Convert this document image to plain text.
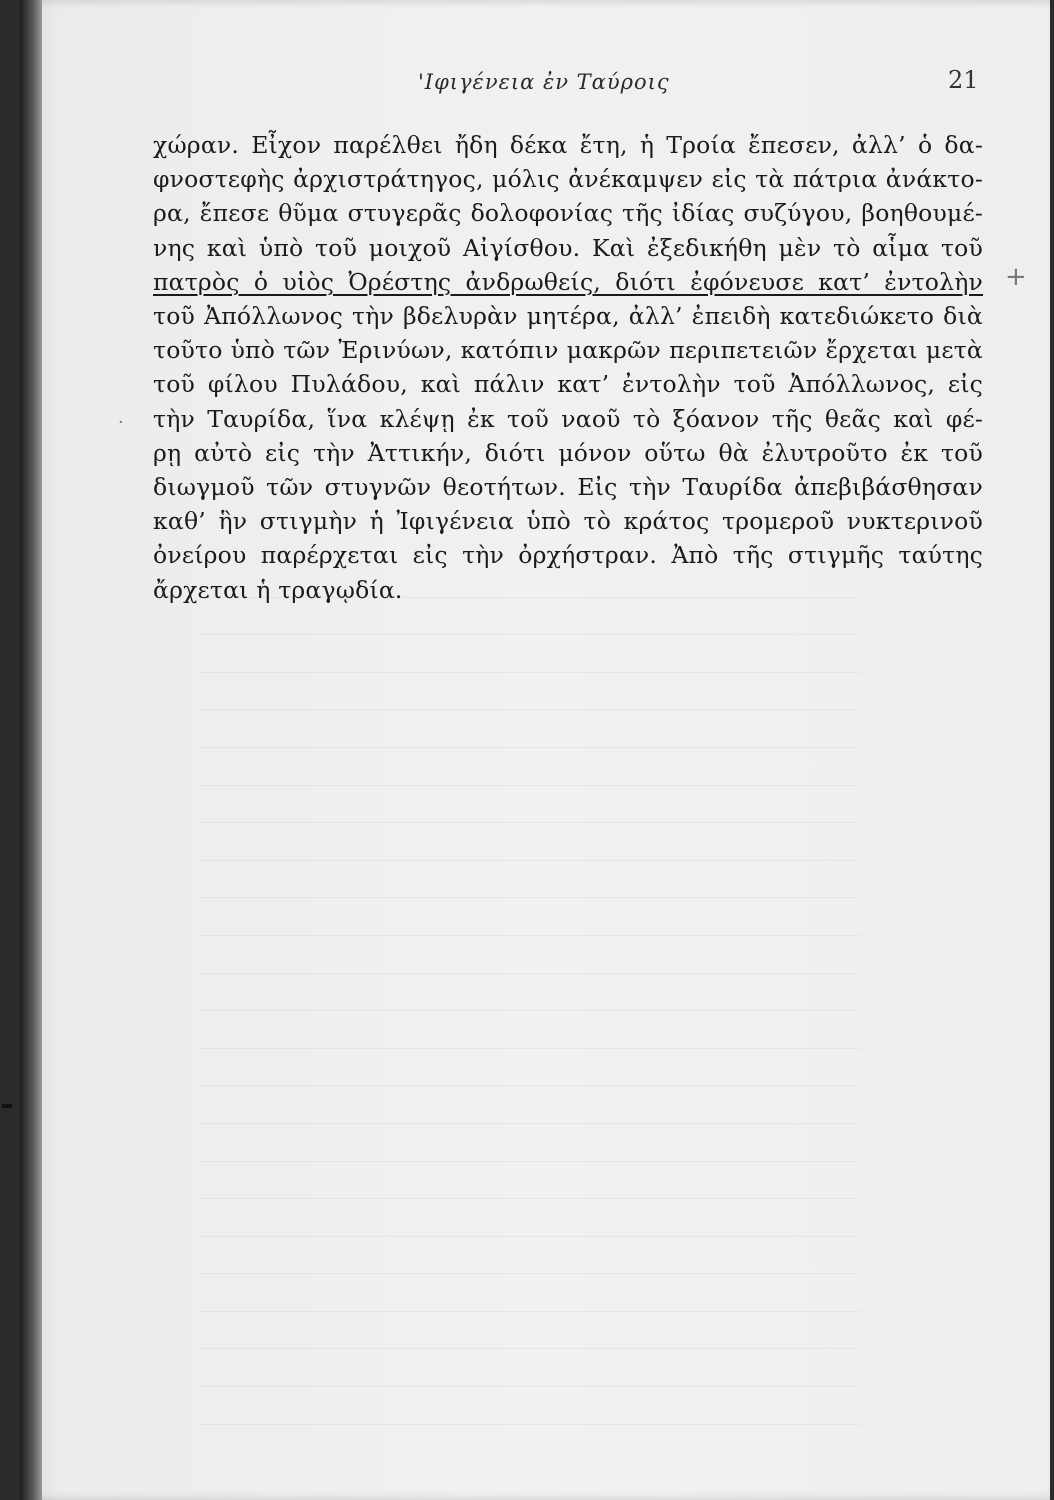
'Ιφιγένεια ἐν Ταύροις	21
χώραν. Εἶχον παρέλθει ἤδη δέκα ἔτη, ἡ Τροία ἔπεσεν, ἀλλ’ ὁ δα-
φνοστεφὴς ἀρχιστράτηγος, μόλις ἀνέκαμψεν εἰς τὰ πάτρια ἀνάκτο-
ρα, ἔπεσε θῦμα στυγερᾶς δολοφονίας τῆς ἰδίας συζύγου, βοηθουμέ-
νης καὶ ὑπὸ τοῦ μοιχοῦ Αἰγίσθου. Καὶ ἐξεδικήθη μὲν τὸ αἷμα τοῦ
πατρὸς ὁ υἱὸς Ὀρέστης ἀνδρωθείς, διότι ἐφόνευσε κατ’ ἐντολὴν
τοῦ Ἀπόλλωνος τὴν βδελυρὰν μητέρα, ἀλλ’ ἐπειδὴ κατεδιώκετο διὰ
τοῦτο ὑπὸ τῶν Ἐρινύων, κατόπιν μακρῶν περιπετειῶν ἔρχεται μετὰ
τοῦ φίλου Πυλάδου, καὶ πάλιν κατ’ ἐντολὴν τοῦ Ἀπόλλωνος, εἰς
τὴν Ταυρίδα, ἵνα κλέψῃ ἐκ τοῦ ναοῦ τὸ ξόανον τῆς θεᾶς καὶ φέ-
ρῃ αὐτὸ εἰς τὴν Ἀττικήν, διότι μόνον οὕτω θὰ ἐλυτροῦτο ἐκ τοῦ
διωγμοῦ τῶν στυγνῶν θεοτήτων. Εἰς τὴν Ταυρίδα ἀπεβιβάσθησαν
καθ’ ἣν στιγμὴν ἡ Ἰφιγένεια ὑπὸ τὸ κράτος τρομεροῦ νυκτερινοῦ
ὀνείρου παρέρχεται εἰς τὴν ὀρχήστραν. Ἀπὸ τῆς στιγμῆς ταύτης
ἄρχεται ἡ τραγῳδία.
+
·
